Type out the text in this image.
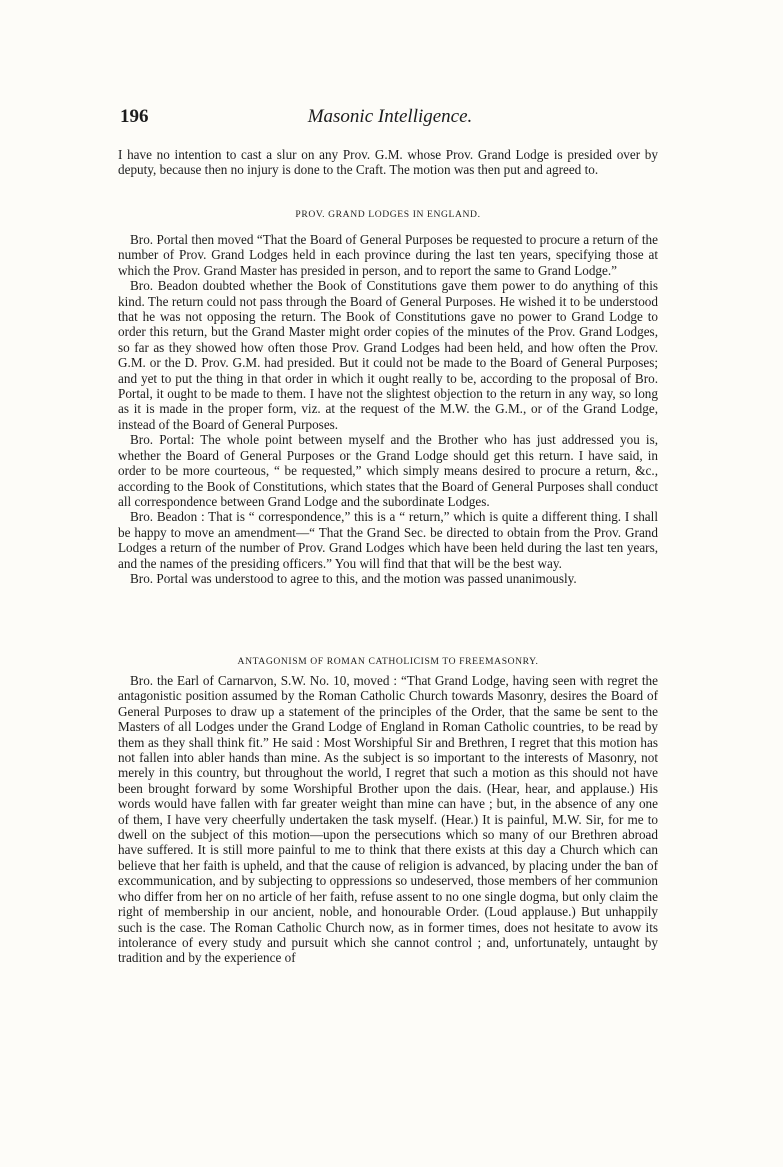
196	Masonic Intelligence.

I have no intention to cast a slur on any Prov. G.M. whose Prov. Grand Lodge is presided over by deputy, because then no injury is done to the Craft. The motion was then put and agreed to.

PROV. GRAND LODGES IN ENGLAND.

Bro. Portal then moved “That the Board of General Purposes be requested to procure a return of the number of Prov. Grand Lodges held in each province during the last ten years, specifying those at which the Prov. Grand Master has presided in person, and to report the same to Grand Lodge.”

Bro. Beadon doubted whether the Book of Constitutions gave them power to do anything of this kind. The return could not pass through the Board of General Purposes. He wished it to be understood that he was not opposing the return. The Book of Constitutions gave no power to Grand Lodge to order this return, but the Grand Master might order copies of the minutes of the Prov. Grand Lodges, so far as they showed how often those Prov. Grand Lodges had been held, and how often the Prov. G.M. or the D. Prov. G.M. had presided. But it could not be made to the Board of General Purposes; and yet to put the thing in that order in which it ought really to be, according to the proposal of Bro. Portal, it ought to be made to them. I have not the slightest objection to the return in any way, so long as it is made in the proper form, viz. at the request of the M.W. the G.M., or of the Grand Lodge, instead of the Board of General Purposes.

Bro. Portal: The whole point between myself and the Brother who has just addressed you is, whether the Board of General Purposes or the Grand Lodge should get this return. I have said, in order to be more courteous, “ be requested,” which simply means desired to procure a return, &c., according to the Book of Constitutions, which states that the Board of General Purposes shall conduct all correspondence between Grand Lodge and the subordinate Lodges.

Bro. Beadon : That is “ correspondence,” this is a “ return,” which is quite a different thing. I shall be happy to move an amendment—“ That the Grand Sec. be directed to obtain from the Prov. Grand Lodges a return of the number of Prov. Grand Lodges which have been held during the last ten years, and the names of the presiding officers.” You will find that that will be the best way.

Bro. Portal was understood to agree to this, and the motion was passed unanimously.

ANTAGONISM OF ROMAN CATHOLICISM TO FREEMASONRY.

Bro. the Earl of Carnarvon, S.W. No. 10, moved : “That Grand Lodge, having seen with regret the antagonistic position assumed by the Roman Catholic Church towards Masonry, desires the Board of General Purposes to draw up a statement of the principles of the Order, that the same be sent to the Masters of all Lodges under the Grand Lodge of England in Roman Catholic countries, to be read by them as they shall think fit.” He said : Most Worshipful Sir and Brethren, I regret that this motion has not fallen into abler hands than mine. As the subject is so important to the interests of Masonry, not merely in this country, but throughout the world, I regret that such a motion as this should not have been brought forward by some Worshipful Brother upon the dais. (Hear, hear, and applause.) His words would have fallen with far greater weight than mine can have ; but, in the absence of any one of them, I have very cheerfully undertaken the task myself. (Hear.) It is painful, M.W. Sir, for me to dwell on the subject of this motion—upon the persecutions which so many of our Brethren abroad have suffered. It is still more painful to me to think that there exists at this day a Church which can believe that her faith is upheld, and that the cause of religion is advanced, by placing under the ban of excommunication, and by subjecting to oppressions so undeserved, those members of her communion who differ from her on no article of her faith, refuse assent to no one single dogma, but only claim the right of membership in our ancient, noble, and honourable Order. (Loud applause.) But unhappily such is the case. The Roman Catholic Church now, as in former times, does not hesitate to avow its intolerance of every study and pursuit which she cannot control ; and, unfortunately, untaught by tradition and by the experience of
